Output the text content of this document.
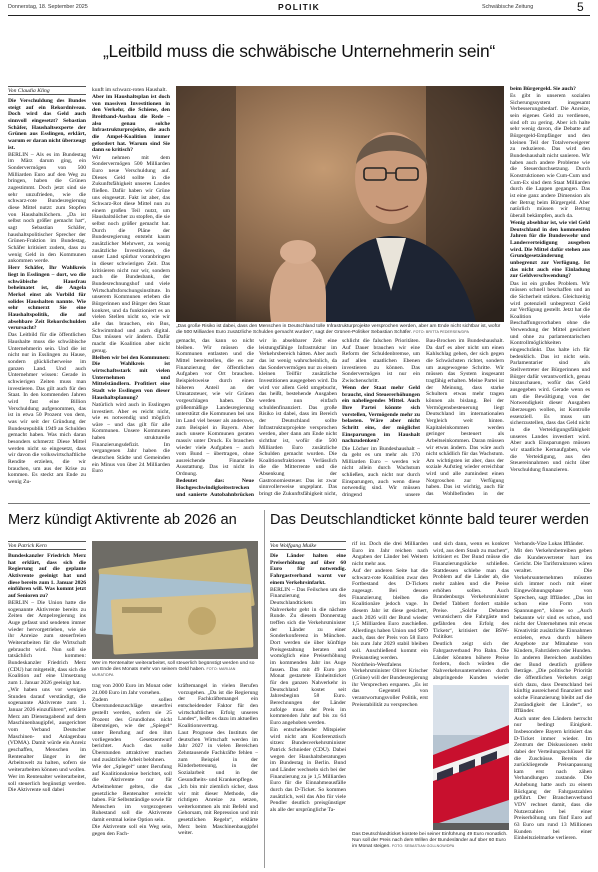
Donnerstag, 18. September 2025	POLITIK	Schwäbische Zeitung	5
„Leitbild muss die schwäbische Unternehmerin sein“
Von Claudia Kling

Die Verschuldung des Bundes steigt auf ein Rekordniveau. Doch wird das Geld auch sinnvoll eingesetzt? Sebastian Schäfer, Haushaltsexperte der Grünen aus Esslingen, erklärt, warum er daran nicht überzeugt ist.

BERLIN – Als es im Bundestag im März darum ging, ein Sondervermögen von 500 Milliarden Euro auf den Weg zu bringen, haben die Grünen zugestimmt. Doch jetzt sind sie sehr unzufrieden, wie die schwarz-rote Bundesregierung diese Mittel nutzt: zum Stopfen von Haushaltslöchern. „Da ist selbst noch größer gemacht hat“, sagt Sebastian Schäfer, haushaltspolitischer Sprecher der Grünen-Fraktion im Bundestag. Schäfer kritisiert zudem, dass zu wenig Geld in den Kommunen ankommen werde.

Herr Schäfer, Ihr Wahlkreis liegt in Esslingen – dort, wo die schwäbische Hausfrau beheimatet ist, die Angela Merkel einst als Vorbild für solides Haushalten nannte. Wie sehr schmerzt Sie eine Haushaltspolitik, die auf absehbare Zeit Rekordschulden verursacht?

Das Leitbild für die öffentlichen Haushalte muss die schwäbische Unternehmerin sein. Und die ist nicht nur in Esslingen zu Hause, sondern glücklicherweise im ganzen Land. Und auch Unternehmer wissen: Gerade in schwierigen Zeiten muss man investieren. Das gilt auch für den Staat. In den kommenden Jahren wird fast eine Billion Verschuldung aufgenommen, das ist in etwa 50 Prozent von dem, was wir seit der Gründung der Bundesrepublik 1949 an Schulden gemacht haben. Was mich daran besonders schmerzt: Diese Mittel werden nicht so eingesetzt, dass wir davon die volkswirtschaftliche Rendite erzielen, die wir brauchen, um aus der Krise zu kommen. Es steckt am Ende zu wenig Zu-

kunft im schwarz-roten Haushalt.

Aber im Haushaltsplan ist doch von massiven Investitionen in den Verkehr, die Schiene, den Breitband-Ausbau die Rede – also genau solche Infrastrukturprojekte, die auch die Ampel-Koalition immer gefordert hat. Warum sind Sie dann so kritisch?

Wir nehmen mit dem Sondervermögen 500 Milliarden Euro neue Verschuldung auf. Dieses Geld sollte in die Zukunftsfähigkeit unseres Landes fließen. Dafür haben wir Grüne uns eingesetzt. Fakt ist aber, das Schwarz-Rot diese Mittel nun zu einem großen Teil nutzt, um Haushaltslöcher zu stopfen, die sie selbst noch größer gemacht hat. Durch die Pläne der Bundesregierung entsteht kaum zusätzlicher Mehrwert, zu wenig zusätzliche Investitionen, die unser Land spürbar voranbringen in dieser schwierigen Zeit. Das kritisieren nicht nur wir, sondern auch die Bundesbank, der Bundesrechnungshof und viele Wirtschaftsforschungsinstitute. In unserem Kommunen erleben die Bürgerinnen und Bürger den Staat konkret, und da funktioniert es an vielen Stellen nicht so, wie wir alle das brauchen, ein Bus, Schwimmbad und auch digital. Das müssen wir ändern. Dafür macht die Koalition aber nicht genug.

Bleiben wir bei den Kommunen: Die Wahlkreis ist wirtschaftsstark mit vielen Unternehmen und Mittelständlern. Profitiert eine Stadt wie Esslingen von dieser Haushaltsplanung?

Natürlich wird auch in Esslingen investiert. Aber es reicht nicht, wie es notwendig und möglich wäre – und das gilt für alle Kommunen. Unsere Kommunen haben strukturelle Finanzierungsdefizit. Im vergangenen Jahr haben die deutschen Städte und Gemeinden ein Minus von über 24 Milliarden Euro

„Das große Risiko ist dabei, dass den Menschen in Deutschland tolle Infrastrukturprojekte versprochen werden, aber am Ende nicht sichtbar ist, wofür die 500 Milliarden Euro zusätzliche Schulden gemacht wurden“, sagt der Grünen-Politiker Sebastian Schäfer. FOTO: BRITTA PEDERSEN/DPA

gemacht, das kann so nicht bleiben. Wir müssen die Kommunen entlasten und die Mittel bereitstellen, die es zur Finanzierung der öffentlichen Aufgaben vor Ort brauchen. Beispielsweise durch einen höheren Anteil an der Umsatzsteuer, wie wir Grünen vorgeschlagen haben. Die größenmäßige Landesregierung unterstützt die Kommunen bei uns im Land viel besser als anderswo, zum Beispiel in Bayern. Aber auch unsere Kommunen geraten massiv unter Druck. Es brauchen wieder viele Aufgaben – auch vom Bund – übertragen, ohne ausreichende Finanzielle Ausstattung. Das ist nicht in Ordnung.

Bedeutet das: Neue Hochgeschwindigkeitsstrecken und sanierte Autobahnbrücken

wir in absehbarer Zeit eine leistungsfähige Infrastruktur im Verkehrsbereich hätten. Aber auch das ist wenig wahrscheinlich, da das Sondervermögen nur zu einem kleinen Teilfür zusätzliche Investitionen ausgegeben wird. Da wird vor allem Geld umgebucht, das heißt, bestehende Ausgaben werden nun einfach schuldenfinanziert. Das große Risiko ist dabei, dass im Bereich der Deutschland sollte Infrastrukturprojekte versprochen werden, aber dann am Ende nicht sichtbar ist, wofür die 500 Milliarden Euro zusätzliche Schulden gemacht wurden. Die Koalitionsfraktionen Verlässlich die die Mitterrente und die Absenkung der Gastronomiesteuer. Das ist zwar sinnvollerweise ungeplant. Das bringt die Zukunftsfähigkeit nicht,

schlicht die falschen Prioritäten. Auf Dauer brauchen wir eine Reform der Schuldenbremse, um auf allen staatlichen Ebenen investieren zu können. Das Sondervermögen ist nur ein Zwischenschritt.

Wenn der Staat mehr Geld braucht, sind Steuererhöhungen ein naheliegendes Mittel. Auch Ihre Partei könnte sich vorstellen, Vermögende mehr zu belasten. Wäre aber nicht Schritt eins, der möglichst Einsparungen im Haushalt nachzudenken?

Die Löcher im Bundeshaushalt – da geht es um mehr als 170 Milliarden Euro – werden wir nicht allein durch Wachstum schließen, auch nicht nur durch Einsparungen, auch wenn diese notwendig sind. Wir müssen dringend unsere

Bau-Brocken im Bundeshaushalt. Da darf es aber nicht um einen Kahlschlag gehen, der sich gegen die Schwächsten richtet, sondern um ausgewogene Schritte. Wir müssen das System insgesamt tragfähig erhalten. Meine Partei ist der Meinung, dass starke Schultern etwas mehr tragen können als bislang. Bei der Vermögensbesteuerung liegt Deutschland im internationalen Vergleich weit hinten. Kapitaleinkommen werden geringer besteuert als Arbeitseinkommen. Daran müssen wir etwas ändern. Das wäre auch nicht schädlich für das Wachstum. Am wichtigsten ist aber, dass der soziale Aufstieg wieder erreichbar wird und alle zumindest einen Notgroschen zur Verfügung haben. Das ist wichtig, auch für das Wohlbefinden in der

beim Bürgergeld. Sie auch?

Es gibt in unserem sozialen Sicherungssystem insgesamt Verbesserungsbedarf. Die Anreize, sein eigenes Geld zu verdienen, sind oft zu gering. Aber ich halte sehr wenig davon, die Debatte auf Bürgergeld-Empfänger und den kleinen Teil der Totalverweigerer zu reduzieren. Das wird den Bundeshaushalt nicht sanieren. Wir haben auch andere Probleme wie die Steuerdurchsetzung. Durch Konstruktionen wie Cum-Cum und Cum-Ex sind dem Staat Milliarden durch die Lappen gegangen. Das ist eine ganz andere Dimension als der Betrug beim Bürgergeld. Aber natürlich müssen wir Betrug überall bekämpfen, auch da.

Wenig absehbar ist, wie viel Geld Deutschland in den kommenden Jahren für die Bundeswehr und Landesverteidigung ausgeben wird. Die Mittel dafür stehen aus Grundgesetzänderung unbegrenzt zur Verfügung. Ist das nicht auch eine Einladung zur Geldverschwendung?

Das ist ein großes Problem. Wir müssen schnell beschaffen und an die Sicherheit stärken. Gleichzeitig wird potenziell unbegrenzt Geld zur Verfügung gestellt. Jetzt hat die Koalition viele Beschaffungsvorhaben ohne die Verwendung der Mittel gesichert und ohne zu parlamentarischen Kontrollmöglichkeiten eingeschränkt. Das halte ich für bedenklich. Das ist nicht sein. Parlamentarier sind als Stellvertreter der Bürgerinnen und Bürger dafür verantwortlich, genau hinzuschauen, wofür das Geld ausgegeben wird. Gerade wenn es um die Bewältigung von der Notwendigkeit dieser Ausgaben überzeugen wollen, ist Kontrolle essenziell. Es muss um sicherzustellen, dass das Geld nicht in die Verteidigungsfähigkeit unseres Landes investiert wird. Aber auch Einsparungen müssen wir staatliche Kernaufgaben, wie die Verteidigung, aus den Steuereinnahmen und nicht über Verschuldung finanzieren.

Merz kündigt Aktivrente ab 2026 an
Von Patrick Kern

Bundeskanzler Friedrich Merz hat erklärt, dass sich die Regierung auf die geplante Aktivrente geeinigt hat und diese bereits zum 1. Januar 2026 einführen will. Was kommt jetzt auf Senioren zu?

BERLIN – Die Union hatte die sogenannte Aktivrente bereits zu Zeiten der Ampelregierung ins Auge gefasst und sendeten immer wieder hervorgetrieben, wie sie ihr Anreize zum steuerfreien Weiterarbeiten für die Wirtschaft gebraucht wird. Nun soll sie tatsächlich kommen: Bundeskanzler Friedrich Merz (CDU) hat mitgeteilt, dass sich die Koalition auf eine Umsetzung zum 1. Januar 2026 geeinigt hat.

„Wir haben uns vor wenigen Stunden darauf verständigt, die sogenannte Aktivrente zum 1. Januar 2026 einzuführen“, erklärte Merz am Dienstagabend auf dem Maschinenbaugipfel, ausgerichtet vom Verband Deutscher Maschinen- und Anlagenbau (VDMA). Damit würde ein Anreiz geschaffen, Menschen im Rentenalter länger in der Arbeitswelt zu halten, sofern sie weiterarbeiten können und wollen.

Wer im Rentenalter weiterarbeitet, soll steuerlich begünstigt werden. Die Aktivrente soll dabei

Wer im Rentenalter weiterarbeitet, soll steuerlich begünstigt werden und so am Ende des Monats mehr von seinem Geld haben. FOTO: MARIJAN MURAT/DPA

trag von 2000 Euro im Monat oder 24.000 Euro im Jahr vorsehen.

Zudem sollen Überstundenzuschläge steuerfrei gestellt werden, sofern sie 25 Prozent des Grundlohns nicht übersteigen, wie der „Spiegel“ unter Berufung auf den ihm vorliegenden Gesetzentwurf berichtet. Auch das solle Überstunden attraktiver machen und zusätzliche Arbeit belohnen.

Wie der „Spiegel“ unter Berufung auf Koalitionskreise berichtet, soll die Aktivrente nur für Arbeitnehmer gelten, die das gesetzliche Rentenalter erreicht haben. Für Selbstständige sowie für Menschen im vorgezogenen Ruhestand soll die Aktivrente damit erstmal keine Option sein.

Die Aktivrente soll ein Weg sein, gegen den Fach-

kräftemangel in vielen Berufen vorzugehen. „Da ist die Regierung der Fachkräftemangel ein entscheidender Faktor für den wirtschaftlichen Erfolg unseres Landes“, heißt es dazu im aktuellen Koalitionsvertrag.

Laut Prognose des Instituts der deutschen Wirtschaft werden im Jahr 2027 in vielen Bereichen Zehntausende Fachkräfte fehlen – zum Beispiel in der Kinderbetreuung, in der Sozialarbeit und in der Gesundheits- und Krankenpflege.

„Ich bin mir ziemlich sicher, dass wir mit dieser Methode, die richtigen Anreize zu setzen, weiterkommen als mit Befehl und Gehorsam, mit Repression und mit gesetzlichen Regeln“, erklärte Merz beim Maschinenbaugipfel weiter.

Das Deutschlandticket könnte bald teurer werden
Von Wolfgang Mulke

Die Länder halten eine Preiserhöhung auf über 60 Euro für notwendig. Fahrgastverband warnt vor einem Verkehrsinfarkt.

BERLIN – Das Feilschen um die Finanzierung des Deutschlandtickets im Nahverkehr geht in die nächste Runde. Zu diesem Donnerstag treffen sich die Verkehrsminister der Länder zu einer Sonderkonferenz in München. Dort werden sie über künftige Preisgestaltung beraten und womöglich eine Preiserhöhung im kommenden Jahr ins Auge fassen. Das mit 49 Euro pro Monat gestartete Einheitsticket für den ganzen Nahverkehr in Deutschland kostet seit Jahresbeginn 58 Euro. Berechnungen der Länder zufolge muss der Preis im kommenden Jahr auf bis zu 64 Euro angehoben werden.

Ein entscheidender Mitspieler wird nicht am Konferenztisch sitzen: Bundesverkehrsminister Patrick Schnieder (CDU). Dabei wegen der Haushaltsberatungen im Bundestag in Berlin. Bund und Länder wechseln sich bei der Finanzierung zu je 1,5 Milliarden Euro für die Einnahmeausfälle durch das D-Ticket. So kommen zusätzlich, weil das Abo für viele Pendler deutlich preisgünstiger als alle der ursprüngliche Ta-

rif ist. Doch die drei Milliarden Euro im Jahr reichen nach Angaben der Länder bei Weitem nicht mehr aus.

Auf der anderen Seite hat die schwarz-rote Koalition zwar den Fortbestand des D-Tickets zugesagt. Bei dessen Finanzierung bleiben die Koalitionäre jedoch vage. In diesem Jahr ist diese gesichert, auch 2026 will der Bund wieder 1,5 Milliarden Euro zuschießen. Allerdings haben Union und SPD auch, dass der Preis von 58 Euro bis zum Jahr 2029 stabil bleiben soll. Anschließend kommt ein Preisanstieg werden.

Nordrhein-Westfalens Verkehrsminister Oliver Krischer (Grüne) will der Bundesregierung ihr Versprechen ersparen. „Es ist das Gegenteil von verantwortungsvoller Politik, erst Preisstabilität zu versprechen

und sich dann, wenn es konkret wird, aus dem Staub zu machen“, kritisiert er. Der Bund müsse die Finanzierungslücke schließen. Stattdessen schiebe man das Problem auf die Länder ab, die mehr zahlen und die Preise erhöhen sollen. Auch Brandenburgs Verkehrsminister Detlef Tabbert fordert stabile Preise. „Solche Debatten verunsichern die Fahrgäste und gefährden den Erfolg des Tickets“, kritisiert der BSW-Politiker.

Deutlich zeigt sich der Fahrgastverband Pro Bahn. Die Länder könnten höhere Preise fordern, doch würden die Nahverkehrsunternehmen durch abspringende Kunden wieder

Verbands-Vize Lukas Iffländer.

Mit den Verkehrsbetreiben geben die Kundenvertreter hart ins Gericht. Die Tarifstrukturen wären veraltet. Die Verkehrsunternehmen müssten sich immer noch mit einer Eingewöhnungsphase von Sprechen, sagt Iffländer. „Das ist schon eine Form von Spannungen“, könne so „Auch bekannte wir sind es schon, und nicht der Unternehmen mit etwas Kreativität zusätzliche Einnahmen erzielen, etwa durch höhere Angebote zur Mitnahme von Kindern, Fahrrädern oder Hunden.

In anderen Bereichen ausbilden der Bund deutlich größere Beträge. „Die politische Priorität die öffentlichen Verkehrs zeigt sich dazu, dass Deutschland bei künftig ausreichend finanziert und solche Finanzierung bleibt auf die Zuständigkeit der Länder“, so Iffländer.

Auch unter den Ländern herrscht nur bedingt Einigkeit. Insbesondere Bayern kritisiert das D-Ticket immer wieder. Im Zentrum der Diskussionen steht dabei der Verteilungsschlüssel für die Zuschüsse. Bereits die zurückliegende Preisanpassung kam erst nach zähen Verhandlungen zustande. Die Anhebung hatte auch zu einem Rückgang der Fahrgastzahlen geführt. Der Branchenverband VDV rechnet damit, dass die Nutzerzahlen bei einer Preiserhöhung um fünf Euro auf 63 Euro um rund 13 Millionen Kunden bei einer Einheitszielmarke verlieren.

Das Deutschlandticket kostete bei seiner Einführung 49 Euro monatlich. Nun soll der Preis nach dem Willen der Bundesländer auf über 60 Euro im Monat steigen. FOTO: SEBASTIAN GOLLNOW/DPA
